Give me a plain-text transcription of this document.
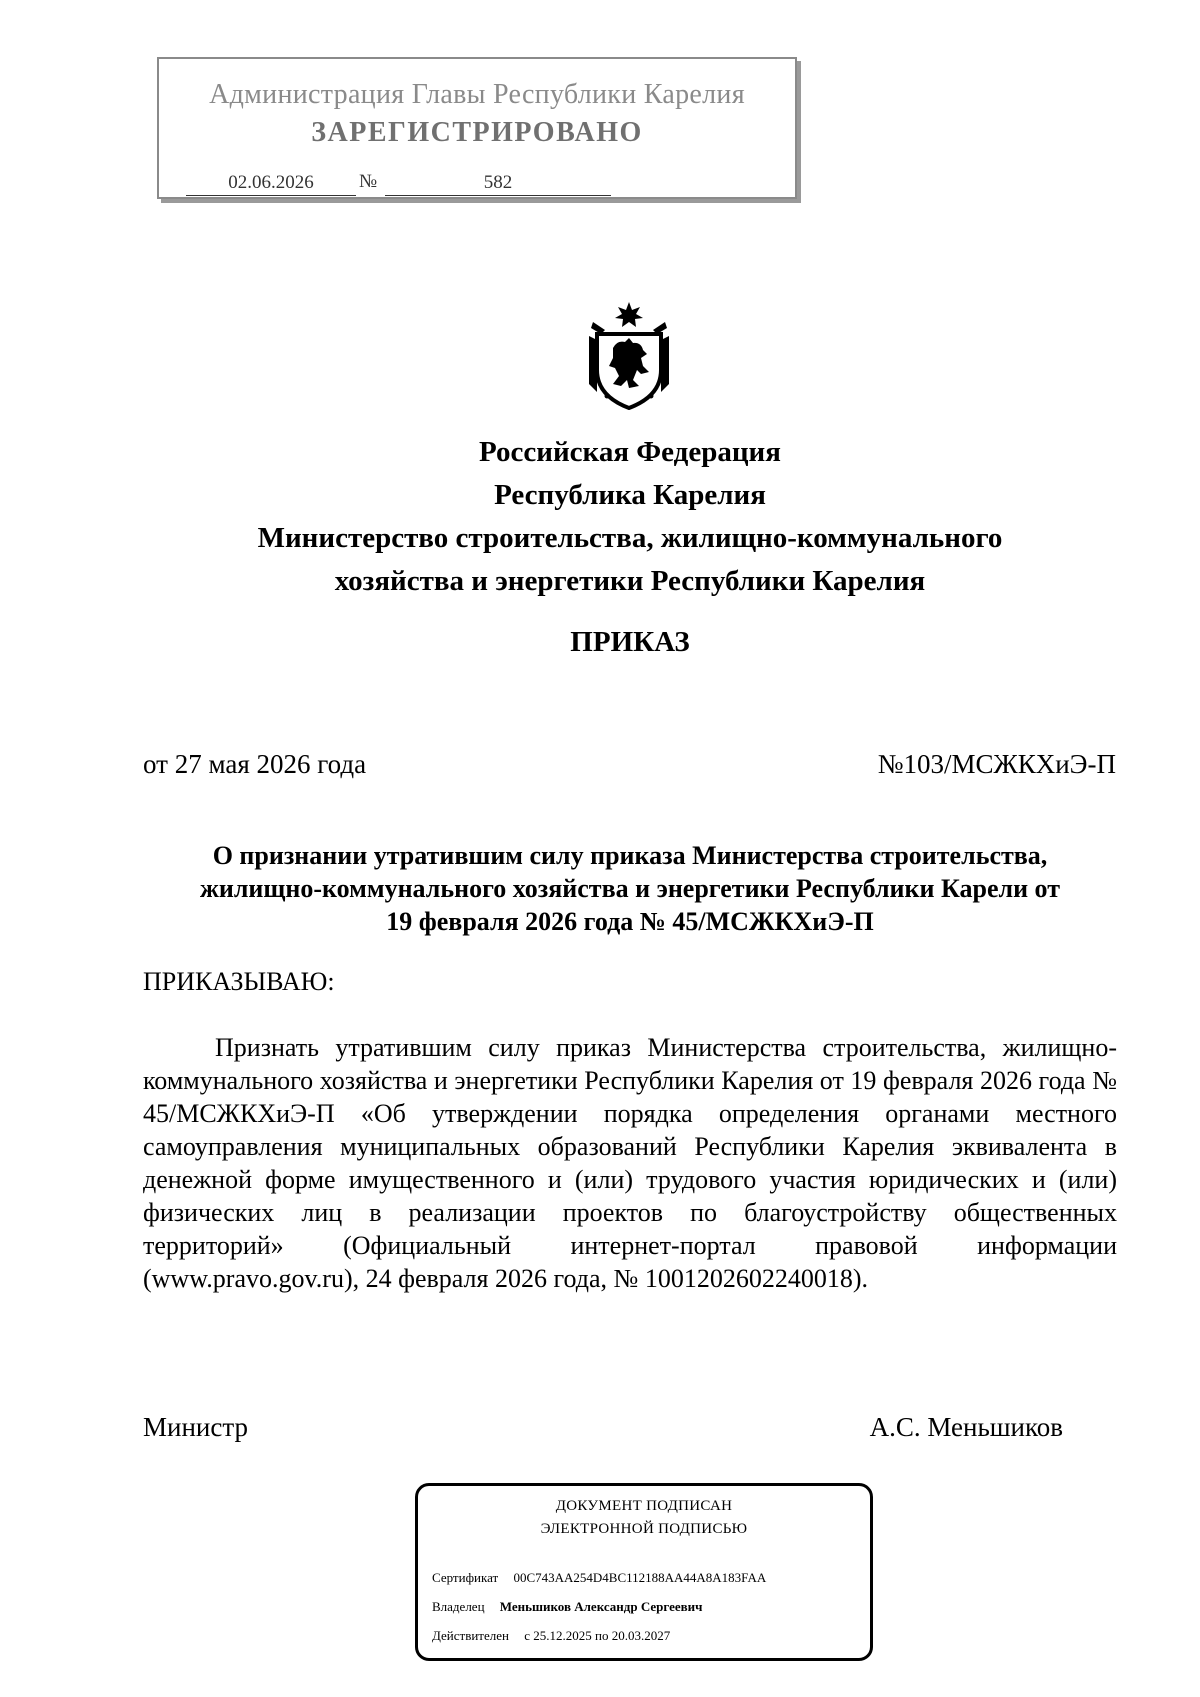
Администрация Главы Республики Карелия
ЗАРЕГИСТРИРОВАНО
02.06.2026	№	582
Российская Федерация
Республика Карелия
Министерство строительства, жилищно-коммунального
хозяйства и энергетики Республики Карелия
ПРИКАЗ
от 27 мая 2026 года	№103/МСЖКХиЭ-П
О признании утратившим силу приказа Министерства строительства,
жилищно-коммунального хозяйства и энергетики Республики Карели от
19 февраля 2026 года № 45/МСЖКХиЭ-П
ПРИКАЗЫВАЮ:
Признать утратившим силу приказ Министерства строительства, жилищно-коммунального хозяйства и энергетики Республики Карелия от 19 февраля 2026 года № 45/МСЖКХиЭ-П «Об утверждении порядка определения органами местного самоуправления муниципальных образований Республики Карелия эквивалента в денежной форме имущественного и (или) трудового участия юридических и (или) физических лиц в реализации проектов по благоустройству общественных территорий» (Официальный интернет-портал правовой информации (www.pravo.gov.ru), 24 февраля 2026 года, № 1001202602240018).
Министр	А.С. Меньшиков
ДОКУМЕНТ ПОДПИСАН
ЭЛЕКТРОННОЙ ПОДПИСЬЮ
Сертификат 00C743AA254D4BC112188AA44A8A183FAA
Владелец Меньшиков Александр Сергеевич
Действителен с 25.12.2025 по 20.03.2027
